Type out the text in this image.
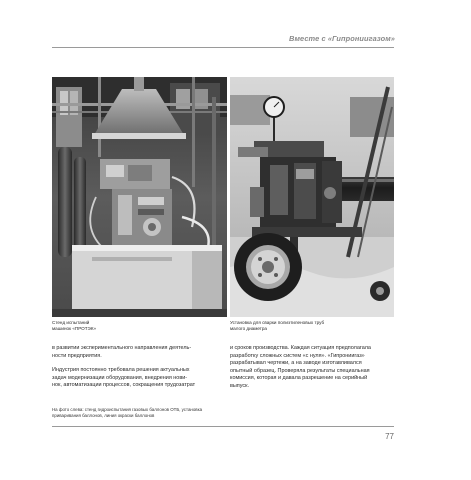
Вместе с «Гипрониигазом»
Стенд испытаний
машинок «ПРОТЭК»
Установка для сварки полиэтиленовых труб
малого диаметра
в развитии экспериментального направления деятель-
ности предприятия.
Индустрия постоянно требовала решения актуальных
задач модернизации оборудования, внедрения нови-
нок, автоматизации процессов, сокращения трудозатрат
и сроков производства. Каждая ситуация предполагала
разработку сложных систем «с нуля». «Гипрониигаз»
разрабатывал чертежи, а на заводе изготавливался
опытный образец. Проверяла результаты специальная
комиссия, которая и давала разрешение на серийный
выпуск.
На фото слева: стенд гидроиспытания газовых баллонов ОТБ, установка
приваривания баллонов, линия окраски баллонов
77
